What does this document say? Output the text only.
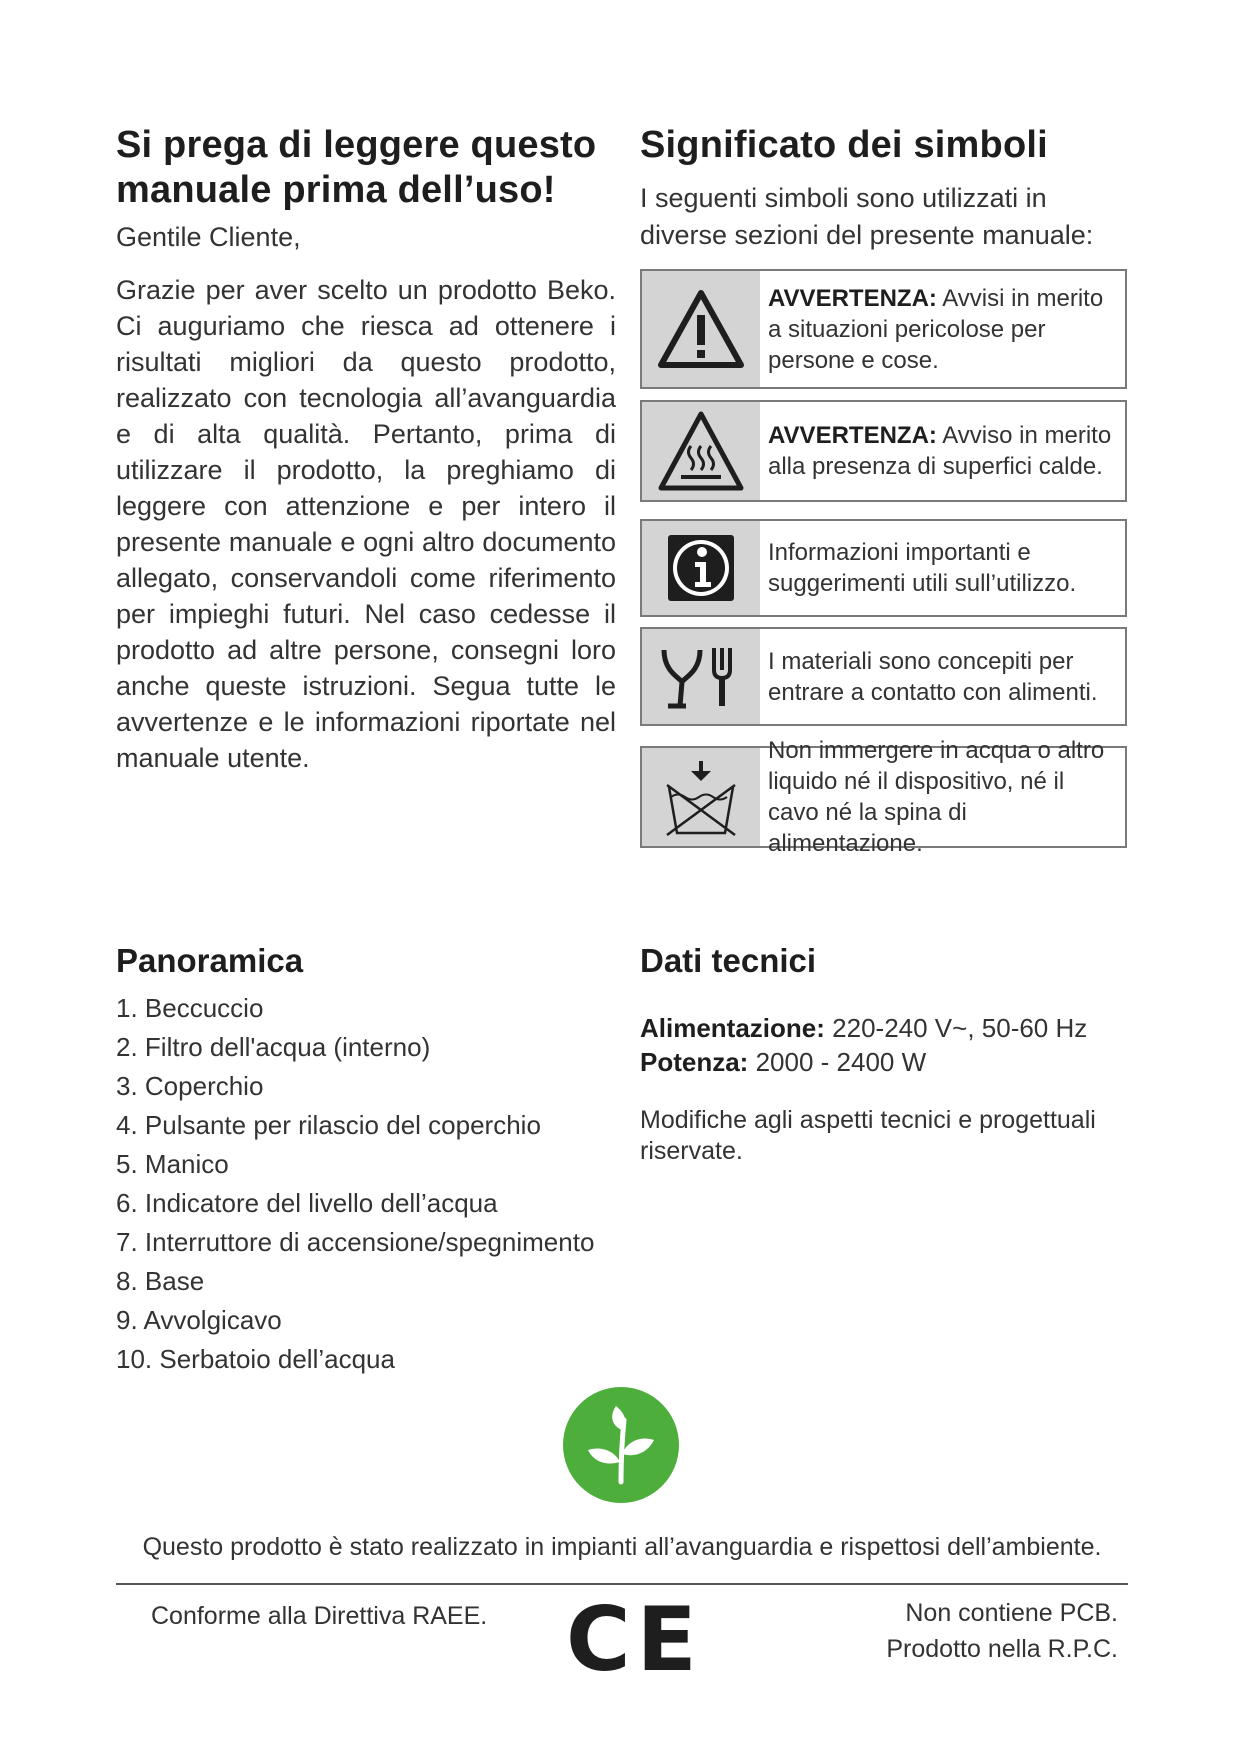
Si prega di leggere questo
manuale prima dell’uso!

Gentile Cliente,

Grazie per aver scelto un prodotto Beko. Ci auguriamo che riesca ad ottenere i risultati migliori da questo prodotto, realizzato con tecnologia all’avanguardia e di alta qualità. Pertanto, prima di utilizzare il prodotto, la preghiamo di leggere con attenzione e per intero il presente manuale e ogni altro documento allegato, conservandoli come riferimento per impieghi futuri. Nel caso cedesse il prodotto ad altre persone, consegni loro anche queste istruzioni. Segua tutte le avvertenze e le informazioni riportate nel manuale utente.

Significato dei simboli

I seguenti simboli sono utilizzati in diverse sezioni del presente manuale:

AVVERTENZA: Avvisi in merito a situazioni pericolose per persone e cose.
AVVERTENZA: Avviso in merito alla presenza di superfici calde.
Informazioni importanti e suggerimenti utili sull’utilizzo.
I materiali sono concepiti per entrare a contatto con alimenti.
Non immergere in acqua o altro liquido né il dispositivo, né il cavo né la spina di alimentazione.
Panoramica
1. Beccuccio
2. Filtro dell'acqua (interno)
3. Coperchio
4. Pulsante per rilascio del coperchio
5. Manico
6. Indicatore del livello dell’acqua
7. Interruttore di accensione/spegnimento
8. Base
9. Avvolgicavo
10. Serbatoio dell’acqua
Dati tecnici
Alimentazione: 220-240 V~, 50-60 Hz
Potenza: 2000 - 2400 W
Modifiche agli aspetti tecnici e progettuali riservate.
Questo prodotto è stato realizzato in impianti all’avanguardia e rispettosi dell’ambiente.
Conforme alla Direttiva RAEE. CE	Non contiene PCB.
Prodotto nella R.P.C.
